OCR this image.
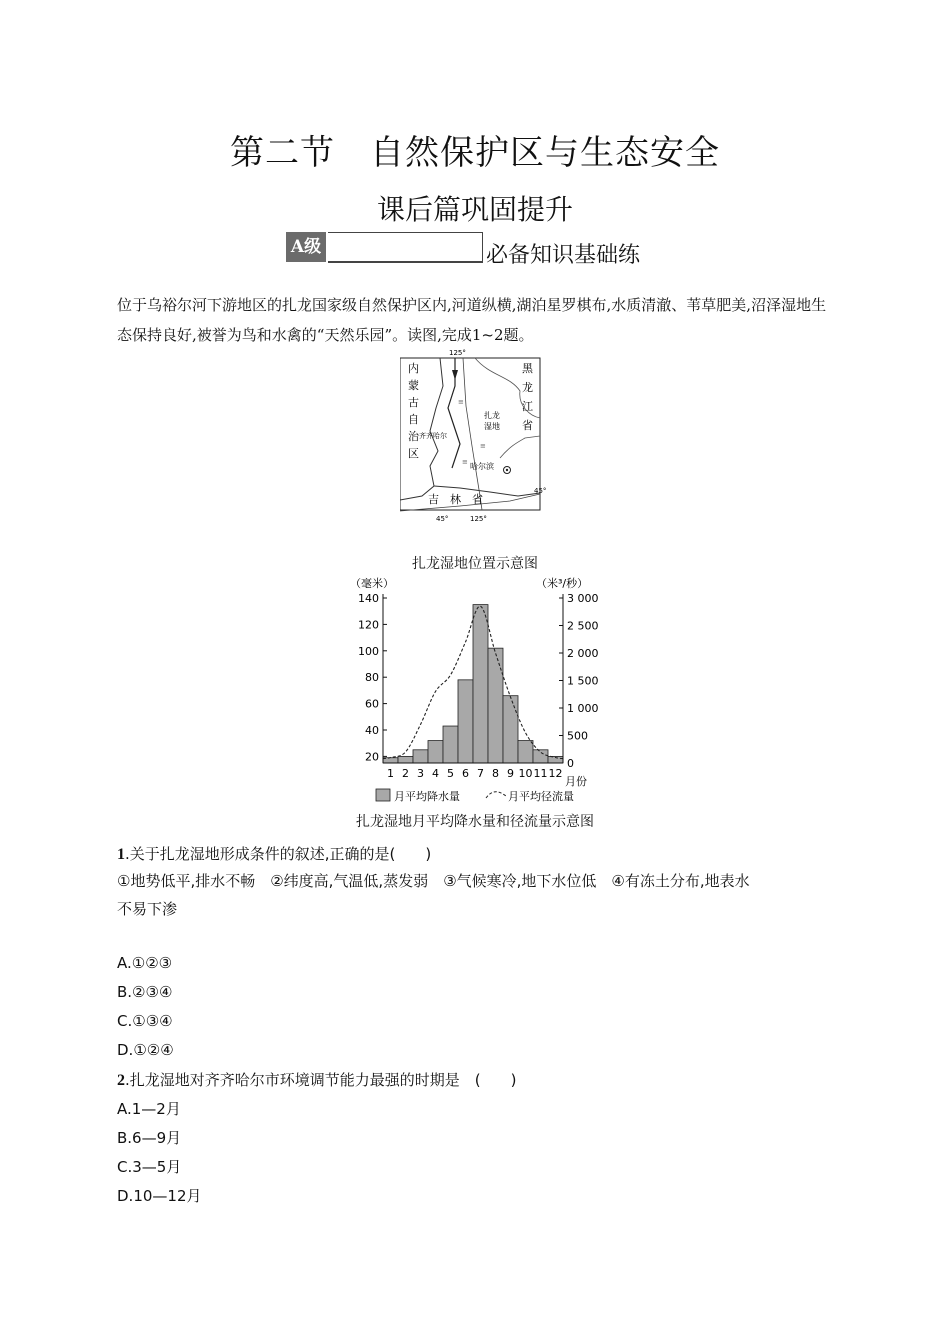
第二节　自然保护区与生态安全
课后篇巩固提升
A级	必备知识基础练
位于乌裕尔河下游地区的扎龙国家级自然保护区内,河道纵横,湖泊星罗棋布,水质清澈、苇草肥美,沼泽湿地生态保持良好,被誉为鸟和水禽的“天然乐园”。读图,完成1~2题。
≡
≡
≡
内
蒙
古
自
治
区
黑
龙
江
省
扎龙
湿地
齐齐哈尔
哈尔滨
吉　林　省
125°
125°
45°
45°
扎龙湿地位置示意图
（毫米）	（米³/秒）
140
120
100
80
60
40
20
3 000
2 500
2 000
1 500
1 000
500
0
1 2 3 4 5 6 7 8 9 10 11 12
月份
月平均降水量	月平均径流量
扎龙湿地月平均降水量和径流量示意图
1.关于扎龙湿地形成条件的叙述,正确的是(　　)
①地势低平,排水不畅　②纬度高,气温低,蒸发弱　③气候寒冷,地下水位低　④有冻土分布,地表水
不易下渗
A.①②③
B.②③④
C.①③④
D.①②④
2.扎龙湿地对齐齐哈尔市环境调节能力最强的时期是　(　　)
A.1—2月
B.6—9月
C.3—5月
D.10—12月
